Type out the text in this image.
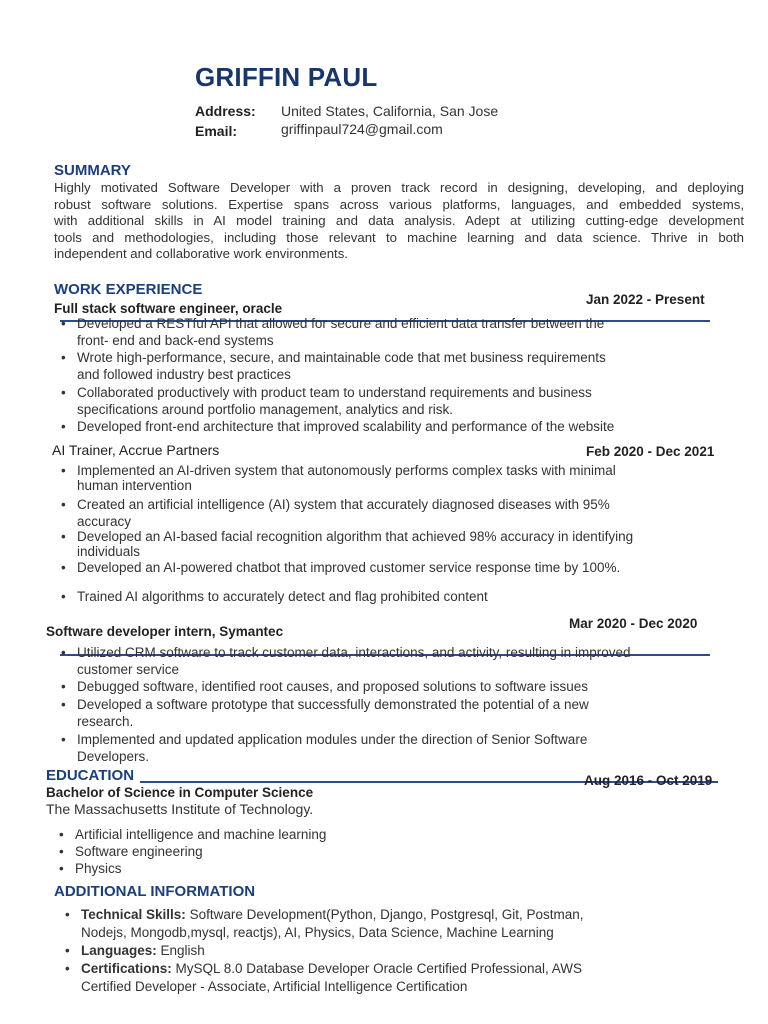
GRIFFIN PAUL
Address: United States, California, San Jose
Email:	griffinpaul724@gmail.com
SUMMARY
Highly motivated Software Developer with a proven track record in designing, developing, and deploying
robust software solutions. Expertise spans across various platforms, languages, and embedded systems,
with additional skills in AI model training and data analysis. Adept at utilizing cutting-edge development
tools and methodologies, including those relevant to machine learning and data science. Thrive in both
independent and collaborative work environments.
WORK EXPERIENCE
Full stack software engineer, oracle
Jan 2022 - Present
• Developed a RESTful API that allowed for secure and efficient data transfer between the
front- end and back-end systems
• Wrote high-performance, secure, and maintainable code that met business requirements
and followed industry best practices
• Collaborated productively with product team to understand requirements and business
specifications around portfolio management, analytics and risk.
• Developed front-end architecture that improved scalability and performance of the website
AI Trainer, Accrue Partners	Feb 2020 - Dec 2021
• Implemented an AI-driven system that autonomously performs complex tasks with minimal
human intervention
• Created an artificial intelligence (AI) system that accurately diagnosed diseases with 95%
accuracy
• Developed an AI-based facial recognition algorithm that achieved 98% accuracy in identifying
individuals
• Developed an AI-powered chatbot that improved customer service response time by 100%.
• Trained AI algorithms to accurately detect and flag prohibited content
Software developer intern, Symantec
Mar 2020 - Dec 2020
• Utilized CRM software to track customer data, interactions, and activity, resulting in improved
customer service
• Debugged software, identified root causes, and proposed solutions to software issues
• Developed a software prototype that successfully demonstrated the potential of a new
research.
• Implemented and updated application modules under the direction of Senior Software
Developers.
EDUCATION	Aug 2016 - Oct 2019
Bachelor of Science in Computer Science
The Massachusetts Institute of Technology.
• Artificial intelligence and machine learning
• Software engineering
• Physics
ADDITIONAL INFORMATION
• Technical Skills: Software Development(Python, Django, Postgresql, Git, Postman,
Nodejs, Mongodb,mysql, reactjs), AI, Physics, Data Science, Machine Learning
• Languages: English
• Certifications: MySQL 8.0 Database Developer Oracle Certified Professional, AWS
Certified Developer - Associate, Artificial Intelligence Certification
